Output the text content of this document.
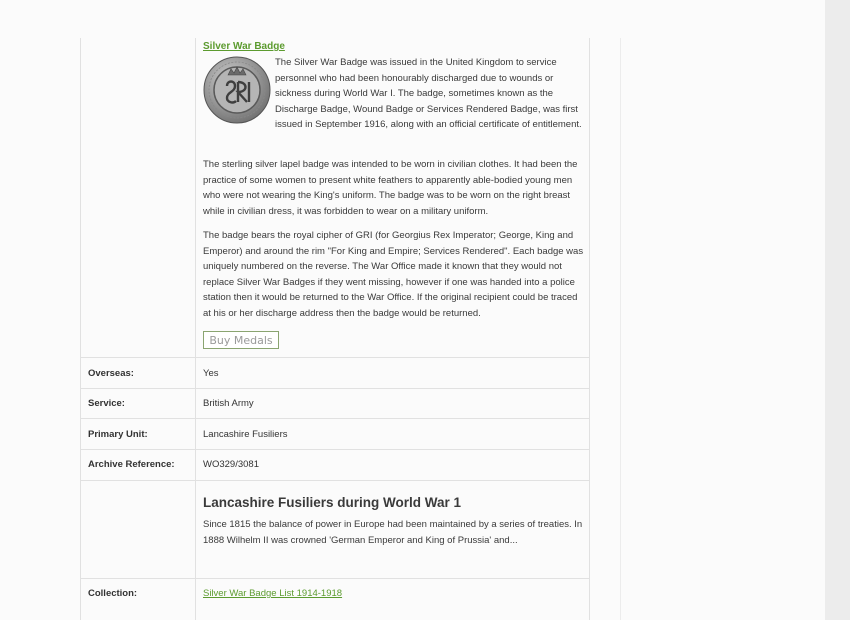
Silver War Badge

The Silver War Badge was issued in the United Kingdom to service personnel who had been honourably discharged due to wounds or sickness during World War I. The badge, sometimes known as the Discharge Badge, Wound Badge or Services Rendered Badge, was first issued in September 1916, along with an official certificate of entitlement.

The sterling silver lapel badge was intended to be worn in civilian clothes. It had been the practice of some women to present white feathers to apparently able-bodied young men who were not wearing the King's uniform. The badge was to be worn on the right breast while in civilian dress, it was forbidden to wear on a military uniform.

The badge bears the royal cipher of GRI (for Georgius Rex Imperator; George, King and Emperor) and around the rim "For King and Empire; Services Rendered". Each badge was uniquely numbered on the reverse. The War Office made it known that they would not replace Silver War Badges if they went missing, however if one was handed into a police station then it would be returned to the War Office. If the original recipient could be traced at his or her discharge address then the badge would be returned.

Buy Medals
Overseas:	Yes
Service:	British Army
Primary Unit:	Lancashire Fusiliers
Archive Reference:	WO329/3081
Lancashire Fusiliers during World War 1

Since 1815 the balance of power in Europe had been maintained by a series of treaties. In 1888 Wilhelm II was crowned 'German Emperor and King of Prussia' and...

Collection:	Silver War Badge List 1914-1918
